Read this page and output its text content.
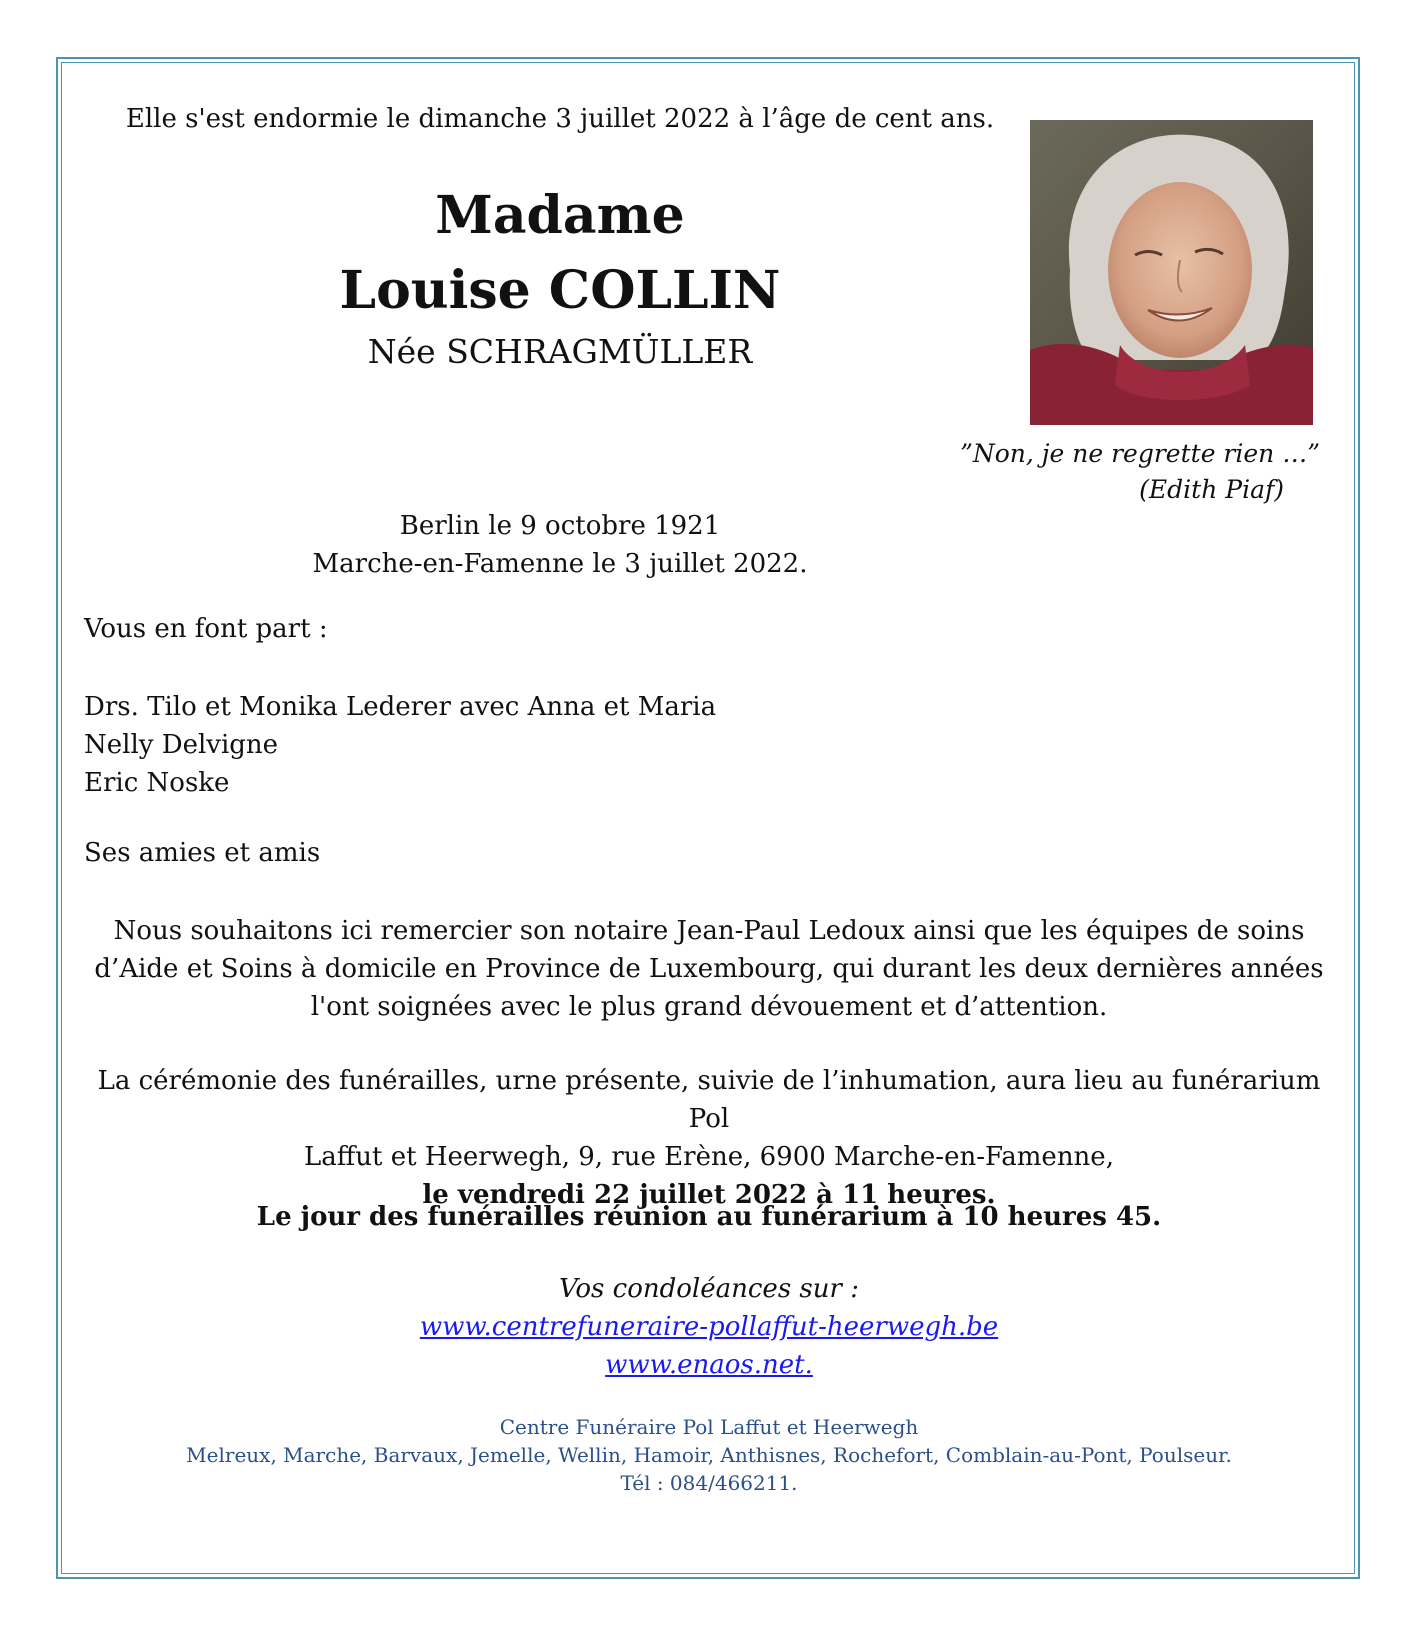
Elle s'est endormie le dimanche 3 juillet 2022 à l’âge de cent ans.
Madame
Louise COLLIN
Née SCHRAGMÜLLER
”Non, je ne regrette rien …”
(Edith Piaf)
Berlin le 9 octobre 1921
Marche-en-Famenne le 3 juillet 2022.
Vous en font part :
Drs. Tilo et Monika Lederer avec Anna et Maria
Nelly Delvigne
Eric Noske
Ses amies et amis
Nous souhaitons ici remercier son notaire Jean-Paul Ledoux ainsi que les équipes de soins
d’Aide et Soins à domicile en Province de Luxembourg, qui durant les deux dernières années
l'ont soignées avec le plus grand dévouement et d’attention.
La cérémonie des funérailles, urne présente, suivie de l’inhumation, aura lieu au funérarium Pol
Laffut et Heerwegh, 9, rue Erène, 6900 Marche-en-Famenne,
le vendredi 22 juillet 2022 à 11 heures.
Le jour des funérailles réunion au funérarium à 10 heures 45.
Vos condoléances sur :
www.centrefuneraire-pollaffut-heerwegh.be
www.enaos.net.
Centre Funéraire Pol Laffut et Heerwegh
Melreux, Marche, Barvaux, Jemelle, Wellin, Hamoir, Anthisnes, Rochefort, Comblain-au-Pont, Poulseur.
Tél : 084/466211.
